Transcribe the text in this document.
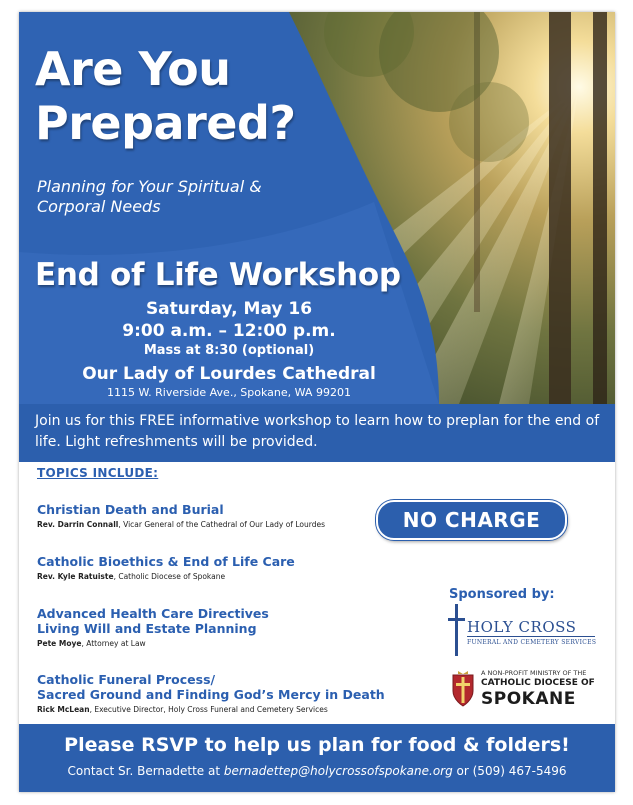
Are You
Prepared?
Planning for Your Spiritual &
Corporal Needs
End of Life Workshop
Saturday, May 16
9:00 a.m. – 12:00 p.m.
Mass at 8:30 (optional)
Our Lady of Lourdes Cathedral
1115 W. Riverside Ave., Spokane, WA 99201
Join us for this FREE informative workshop to learn how to preplan for the end of life. Light refreshments will be provided.
TOPICS INCLUDE:
Christian Death and Burial
Rev. Darrin Connall, Vicar General of the Cathedral of Our Lady of Lourdes
Catholic Bioethics & End of Life Care
Rev. Kyle Ratuiste, Catholic Diocese of Spokane
Advanced Health Care Directives
Living Will and Estate Planning
Pete Moye, Attorney at Law
Catholic Funeral Process/
Sacred Ground and Finding God’s Mercy in Death
Rick McLean, Executive Director, Holy Cross Funeral and Cemetery Services
NO CHARGE
Sponsored by:
HOLY CROSS
FUNERAL AND CEMETERY SERVICES
A NON-PROFIT MINISTRY OF THE
CATHOLIC DIOCESE OF
SPOKANE
Please RSVP to help us plan for food & folders!
Contact Sr. Bernadette at bernadettep@holycrossofspokane.org or (509) 467-5496
